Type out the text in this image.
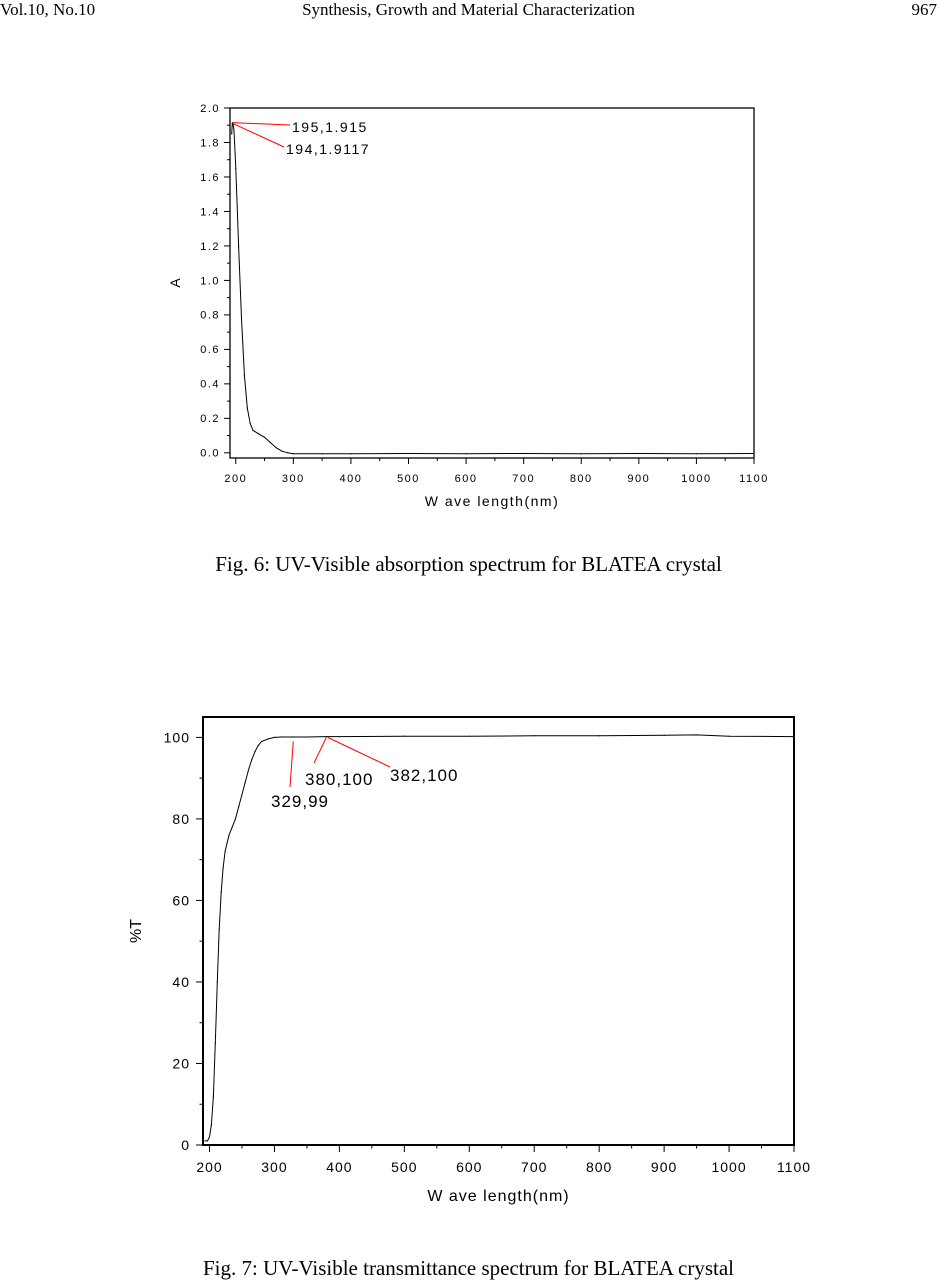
Vol.10, No.10	Synthesis, Growth and Material Characterization	967
200	300	400	500	600	700	800	900	1000	1100
0.0
0.2
0.4
0.6
0.8
1.0
1.2
1.4
1.6
1.8
2.0
W ave length(nm)
A
195,1.915
194,1.9117
Fig. 6: UV-Visible absorption spectrum for BLATEA crystal
200	300	400	500	600	700	800	900 1000 1100
0
20
40
60
80
100
W ave length(nm)
%T
329,99
380,100 382,100
Fig. 7: UV-Visible transmittance spectrum for BLATEA crystal
